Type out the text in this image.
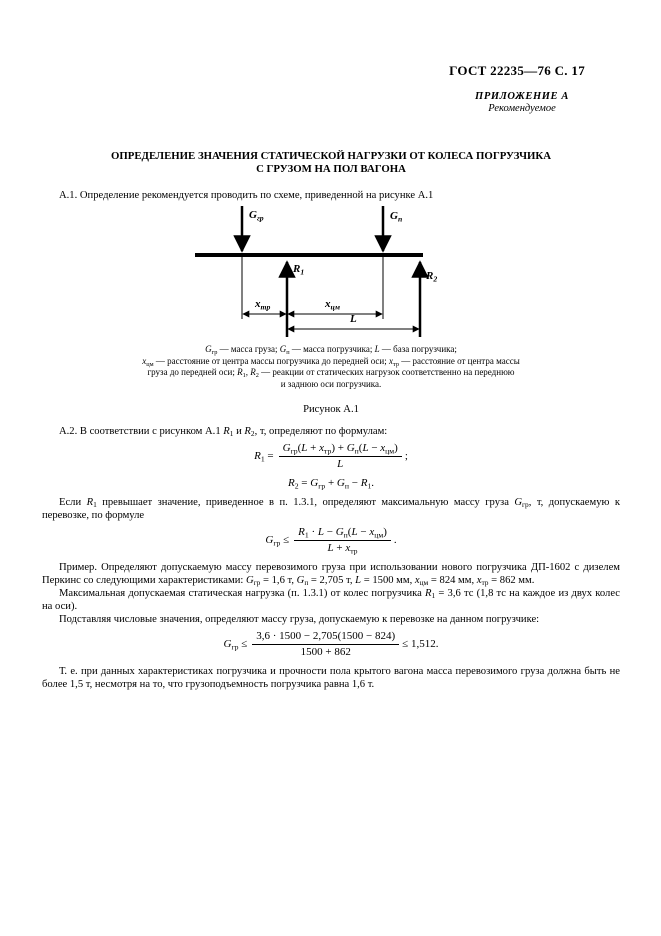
ГОСТ 22235—76 С. 17
ПРИЛОЖЕНИЕ А
Рекомендуемое
ОПРЕДЕЛЕНИЕ ЗНАЧЕНИЯ СТАТИЧЕСКОЙ НАГРУЗКИ ОТ КОЛЕСА ПОГРУЗЧИКА
С ГРУЗОМ НА ПОЛ ВАГОНА

А.1. Определение рекомендуется проводить по схеме, приведенной на рисунке А.1

$G_{гр}$	$G_п$
$R_1$	$R_2$
$x_{тр}$	$x_{цм}$
L
$G_{гр}$ — масса груза; $G_п$ — масса погрузчика; L — база погрузчика;
$x_{цм}$ — расстояние от центра массы погрузчика до передней оси; $x_{тр}$ — расстояние от центра массы
груза до передней оси; $R_1$, $R_2$ — реакции от статических нагрузок соответственно на переднюю
и заднюю оси погрузчика.

Рисунок А.1

А.2. В соответствии с рисунком А.1 $R_1$ и $R_2$, т, определяют по формулам:

$R_1 = \frac{G_{гр}(L + x_{тр}) + G_п(L - x_{цм})}{L}$ ;

$R_2 = G_{гр} + G_п - R_1$.

Если $R_1$ превышает значение, приведенное в п. 1.3.1, определяют максимальную массу груза $G_{гр}$, т, допускаемую к перевозке, по формуле

$G_{гр} \le \frac{R_1 \cdot L - G_п(L - x_{цм})}{L + x_{тр}}$ .

Пример. Определяют допускаемую массу перевозимого груза при использовании нового погрузчика ДП-1602 с дизелем Перкинс со следующими характеристиками: $G_{гр} = 1,6$ т, $G_п = 2,705$ т, L = 1500 мм, $x_{цм} = 824$ мм, $x_{тр} = 862$ мм.

Максимальная допускаемая статическая нагрузка (п. 1.3.1) от колес погрузчика $R_1 = 3,6$ тс (1,8 тс на каждое из двух колес на оси).

Подставляя числовые значения, определяют массу груза, допускаемую к перевозке на данном погрузчике:

$G_{гр} \le \frac{3,6 \cdot 1500 - 2,705(1500 - 824)}{1500 + 862} \le 1,512$.

Т. е. при данных характеристиках погрузчика и прочности пола крытого вагона масса перевозимого груза должна быть не более 1,5 т, несмотря на то, что грузоподъемность погрузчика равна 1,6 т.
